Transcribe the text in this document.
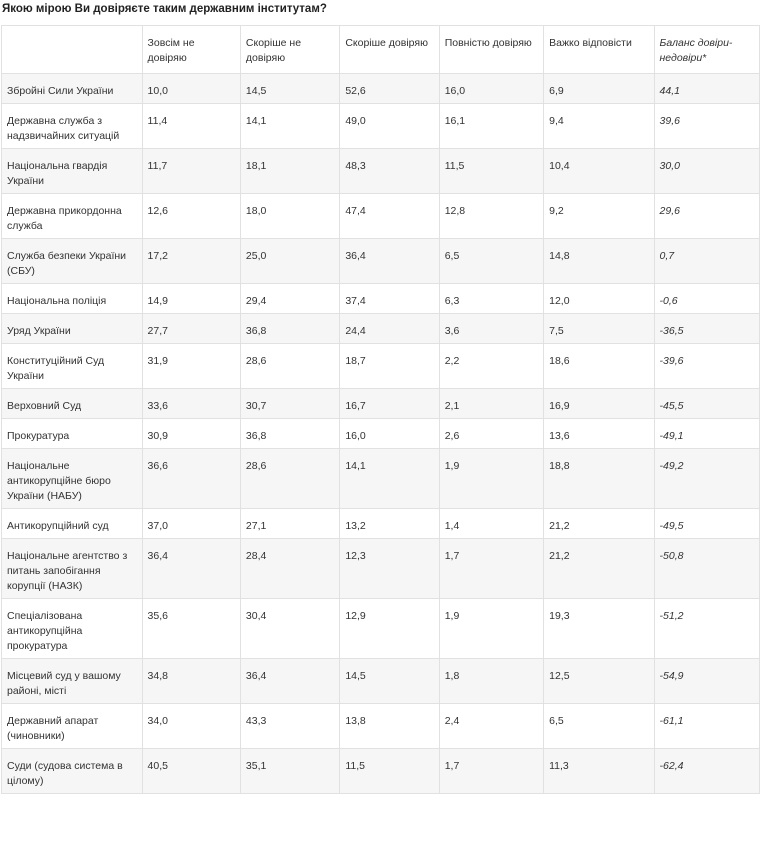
Якою мірою Ви довіряєте таким державним інститутам?
	Зовсім не довіряю	Скоріше не довіряю	Скоріше довіряю	Повністю довіряю	Важко відповісти	Баланс довіри-недовіри*
Збройні Сили України	10,0	14,5	52,6	16,0	6,9	44,1
Державна служба з надзвичайних ситуацій	11,4	14,1	49,0	16,1	9,4	39,6
Національна гвардія України	11,7	18,1	48,3	11,5	10,4	30,0
Державна прикордонна служба	12,6	18,0	47,4	12,8	9,2	29,6
Служба безпеки України (СБУ)	17,2	25,0	36,4	6,5	14,8	0,7
Національна поліція	14,9	29,4	37,4	6,3	12,0	-0,6
Уряд України	27,7	36,8	24,4	3,6	7,5	-36,5
Конституційний Суд України	31,9	28,6	18,7	2,2	18,6	-39,6
Верховний Суд	33,6	30,7	16,7	2,1	16,9	-45,5
Прокуратура	30,9	36,8	16,0	2,6	13,6	-49,1
Національне антикорупційне бюро України (НАБУ)	36,6	28,6	14,1	1,9	18,8	-49,2
Антикорупційний суд	37,0	27,1	13,2	1,4	21,2	-49,5
Національне агентство з питань запобігання корупції (НАЗК)	36,4	28,4	12,3	1,7	21,2	-50,8
Спеціалізована антикорупційна прокуратура	35,6	30,4	12,9	1,9	19,3	-51,2
Місцевий суд у вашому районі, місті	34,8	36,4	14,5	1,8	12,5	-54,9
Державний апарат (чиновники)	34,0	43,3	13,8	2,4	6,5	-61,1
Суди (судова система в цілому)	40,5	35,1	11,5	1,7	11,3	-62,4
